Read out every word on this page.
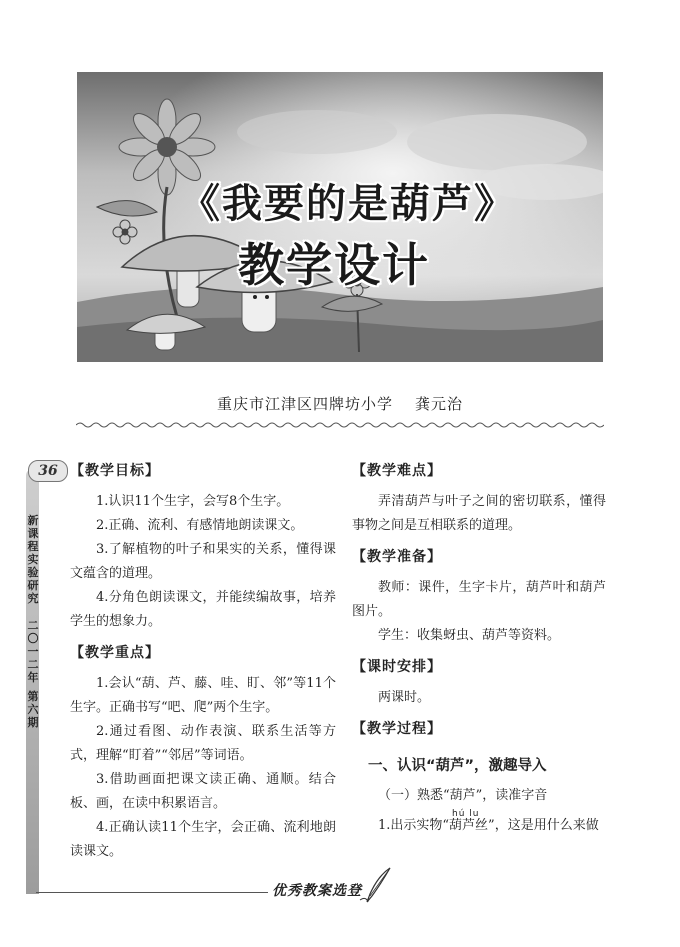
《我要的是葫芦》
教学设计
重庆市江津区四牌坊小学 龚元治
36
新
课
程
实
验
研
究
二
〇
一
二
年
第
六
期
【教学目标】

1.认识11个生字，会写8个生字。

2.正确、流利、有感情地朗读课文。

3.了解植物的叶子和果实的关系，懂得课文蕴含的道理。

4.分角色朗读课文，并能续编故事，培养学生的想象力。

【教学重点】

1.会认“葫、芦、藤、哇、盯、邻”等11个生字。正确书写“吧、爬”两个生字。

2.通过看图、动作表演、联系生活等方式，理解“盯着”“邻居”等词语。

3.借助画面把课文读正确、通顺。结合板、画，在读中积累语言。

4.正确认读11个生字，会正确、流利地朗读课文。

【教学难点】

弄清葫芦与叶子之间的密切联系，懂得事物之间是互相联系的道理。

【教学准备】

教师：课件，生字卡片，葫芦叶和葫芦图片。

学生：收集蚜虫、葫芦等资料。

【课时安排】

两课时。

【教学过程】
一、认识“葫芦”，激趣导入

（一）熟悉“葫芦”，读准字音

hú lu

1.出示实物“葫芦丝”，这是用什么来做

优秀教案选登
